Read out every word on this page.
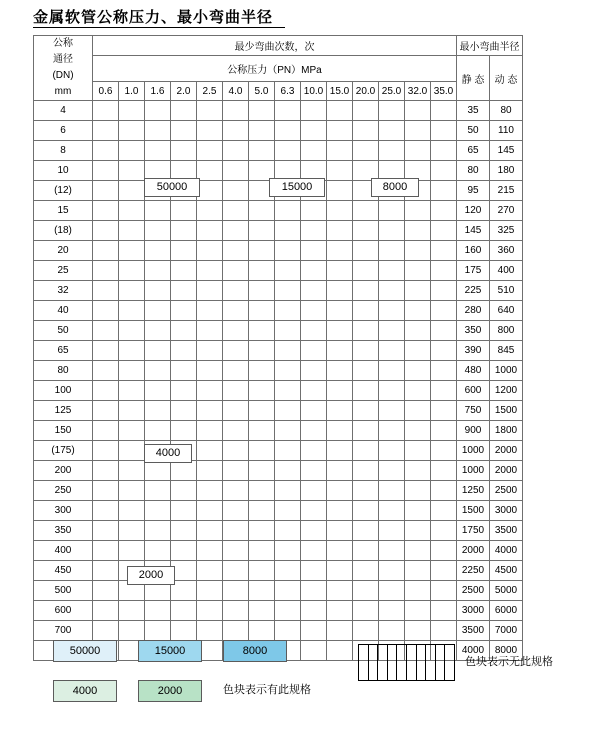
金属软管公称压力、最小弯曲半径
公称
通径
(DN)
mm	最少弯曲次数，次														最小弯曲半径	
	公称压力（PN）MPa														静 态	动 态
	0.6	1.0	1.6	2.0	2.5	4.0	5.0	6.3	10.0	15.0	20.0	25.0	32.0	35.0		
4															35	80
6															50	110
8															65	145
10															80	180
(12)															95	215
15															120	270
(18)															145	325
20															160	360
25															175	400
32															225	510
40															280	640
50															350	800
65															390	845
80															480	1000
100															600	1200
125															750	1500
150															900	1800
(175)															1000	2000
200															1000	2000
250															1250	2500
300															1500	3000
350															1750	3500
400															2000	4000
450															2250	4500
500															2500	5000
600															3000	6000
700															3500	7000
															4000	8000
50000	15000	8000
4000
2000
50000	15000	8000
4000	2000	色块表示有此规格
色块表示无此规格
